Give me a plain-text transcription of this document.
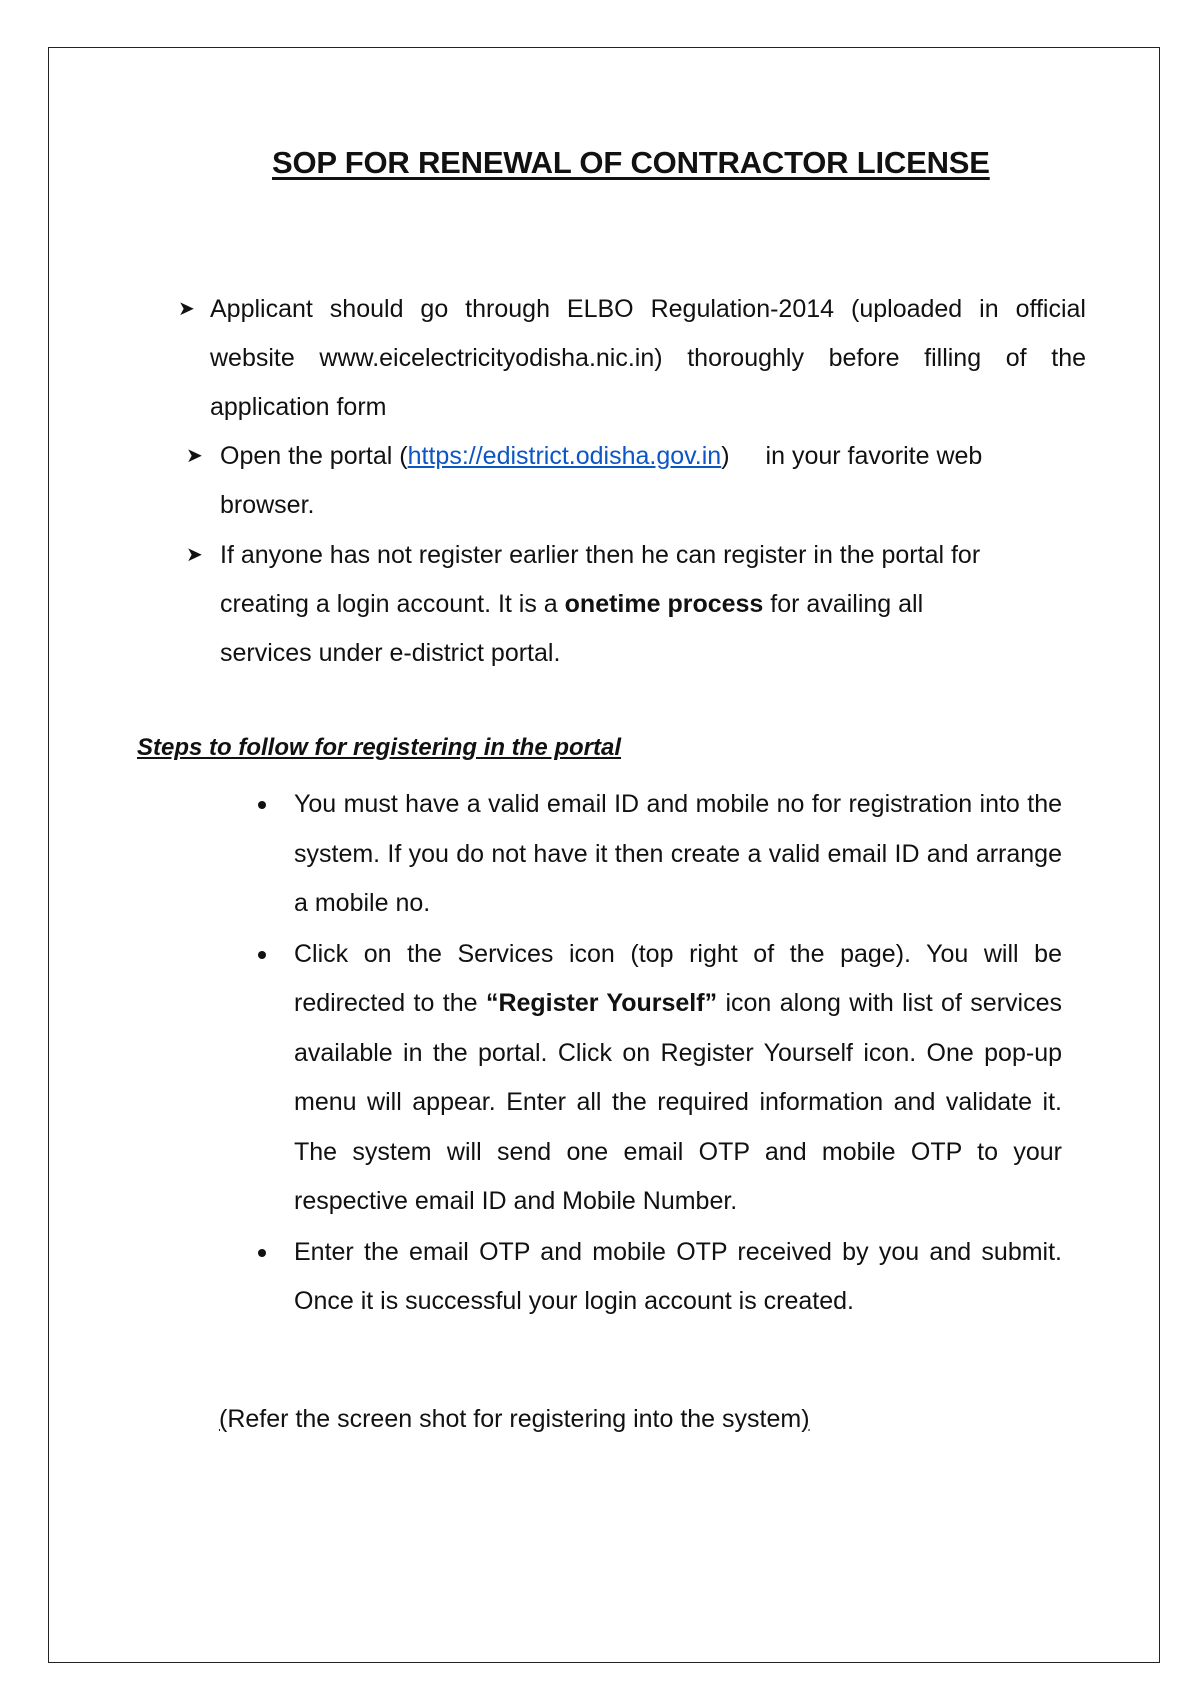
SOP FOR RENEWAL OF CONTRACTOR LICENSE
➤ Applicant should go through ELBO Regulation-2014 (uploaded in official website www.eicelectricityodisha.nic.in) thoroughly before filling of the application form
➤ Open the portal (https://edistrict.odisha.gov.in) in your favorite web browser.
➤ If anyone has not register earlier then he can register in the portal for creating a login account. It is a onetime process for availing all services under e-district portal.
Steps to follow for registering in the portal
You must have a valid email ID and mobile no for registration into the system. If you do not have it then create a valid email ID and arrange a mobile no.
Click on the Services icon (top right of the page). You will be redirected to the “Register Yourself” icon along with list of services available in the portal. Click on Register Yourself icon. One pop-up menu will appear. Enter all the required information and validate it. The system will send one email OTP and mobile OTP to your respective email ID and Mobile Number.
Enter the email OTP and mobile OTP received by you and submit. Once it is successful your login account is created.

(Refer the screen shot for registering into the system)
